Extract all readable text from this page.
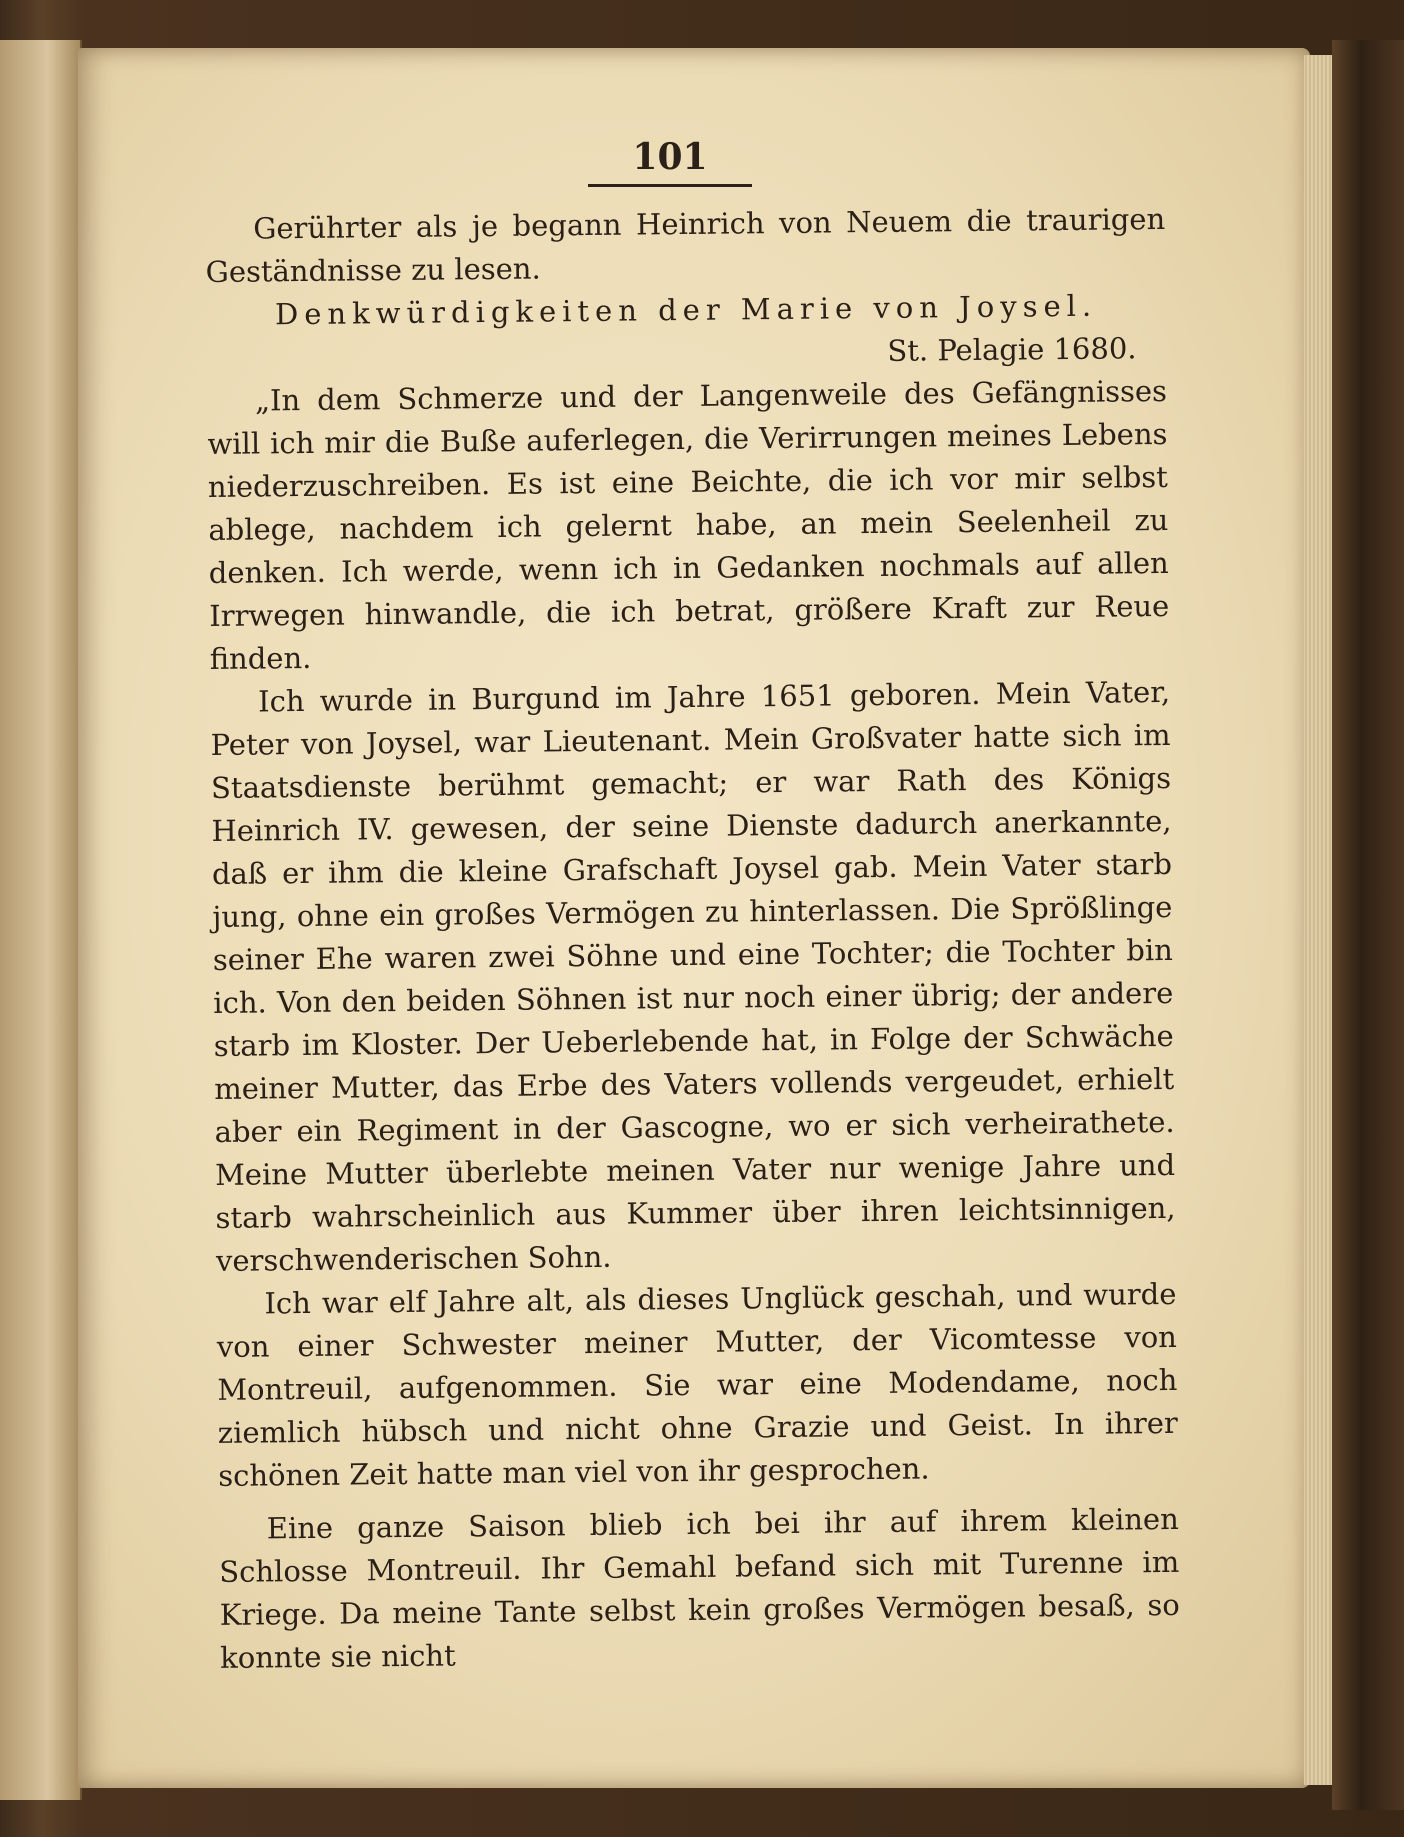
101

Gerührter als je begann Heinrich von Neuem die traurigen Geständnisse zu lesen.

Denkwürdigkeiten der Marie von Joysel.

St. Pelagie 1680.

„In dem Schmerze und der Langenweile des Gefängnisses will ich mir die Buße auferlegen, die Verirrungen meines Lebens niederzuschreiben. Es ist eine Beichte, die ich vor mir selbst ablege, nachdem ich gelernt habe, an mein Seelenheil zu denken. Ich werde, wenn ich in Gedanken nochmals auf allen Irrwegen hinwandle, die ich betrat, größere Kraft zur Reue finden.

Ich wurde in Burgund im Jahre 1651 geboren. Mein Vater, Peter von Joysel, war Lieutenant. Mein Großvater hatte sich im Staatsdienste berühmt gemacht; er war Rath des Königs Heinrich IV. gewesen, der seine Dienste dadurch anerkannte, daß er ihm die kleine Grafschaft Joysel gab. Mein Vater starb jung, ohne ein großes Vermögen zu hinterlassen. Die Sprößlinge seiner Ehe waren zwei Söhne und eine Tochter; die Tochter bin ich. Von den beiden Söhnen ist nur noch einer übrig; der andere starb im Kloster. Der Ueberlebende hat, in Folge der Schwäche meiner Mutter, das Erbe des Vaters vollends vergeudet, erhielt aber ein Regiment in der Gascogne, wo er sich verheirathete. Meine Mutter überlebte meinen Vater nur wenige Jahre und starb wahrscheinlich aus Kummer über ihren leichtsinnigen, verschwenderischen Sohn.

Ich war elf Jahre alt, als dieses Unglück geschah, und wurde von einer Schwester meiner Mutter, der Vicomtesse von Montreuil, aufgenommen. Sie war eine Modendame, noch ziemlich hübsch und nicht ohne Grazie und Geist. In ihrer schönen Zeit hatte man viel von ihr gesprochen.

Eine ganze Saison blieb ich bei ihr auf ihrem kleinen Schlosse Montreuil. Ihr Gemahl befand sich mit Turenne im Kriege. Da meine Tante selbst kein großes Vermögen besaß, so konnte sie nicht
